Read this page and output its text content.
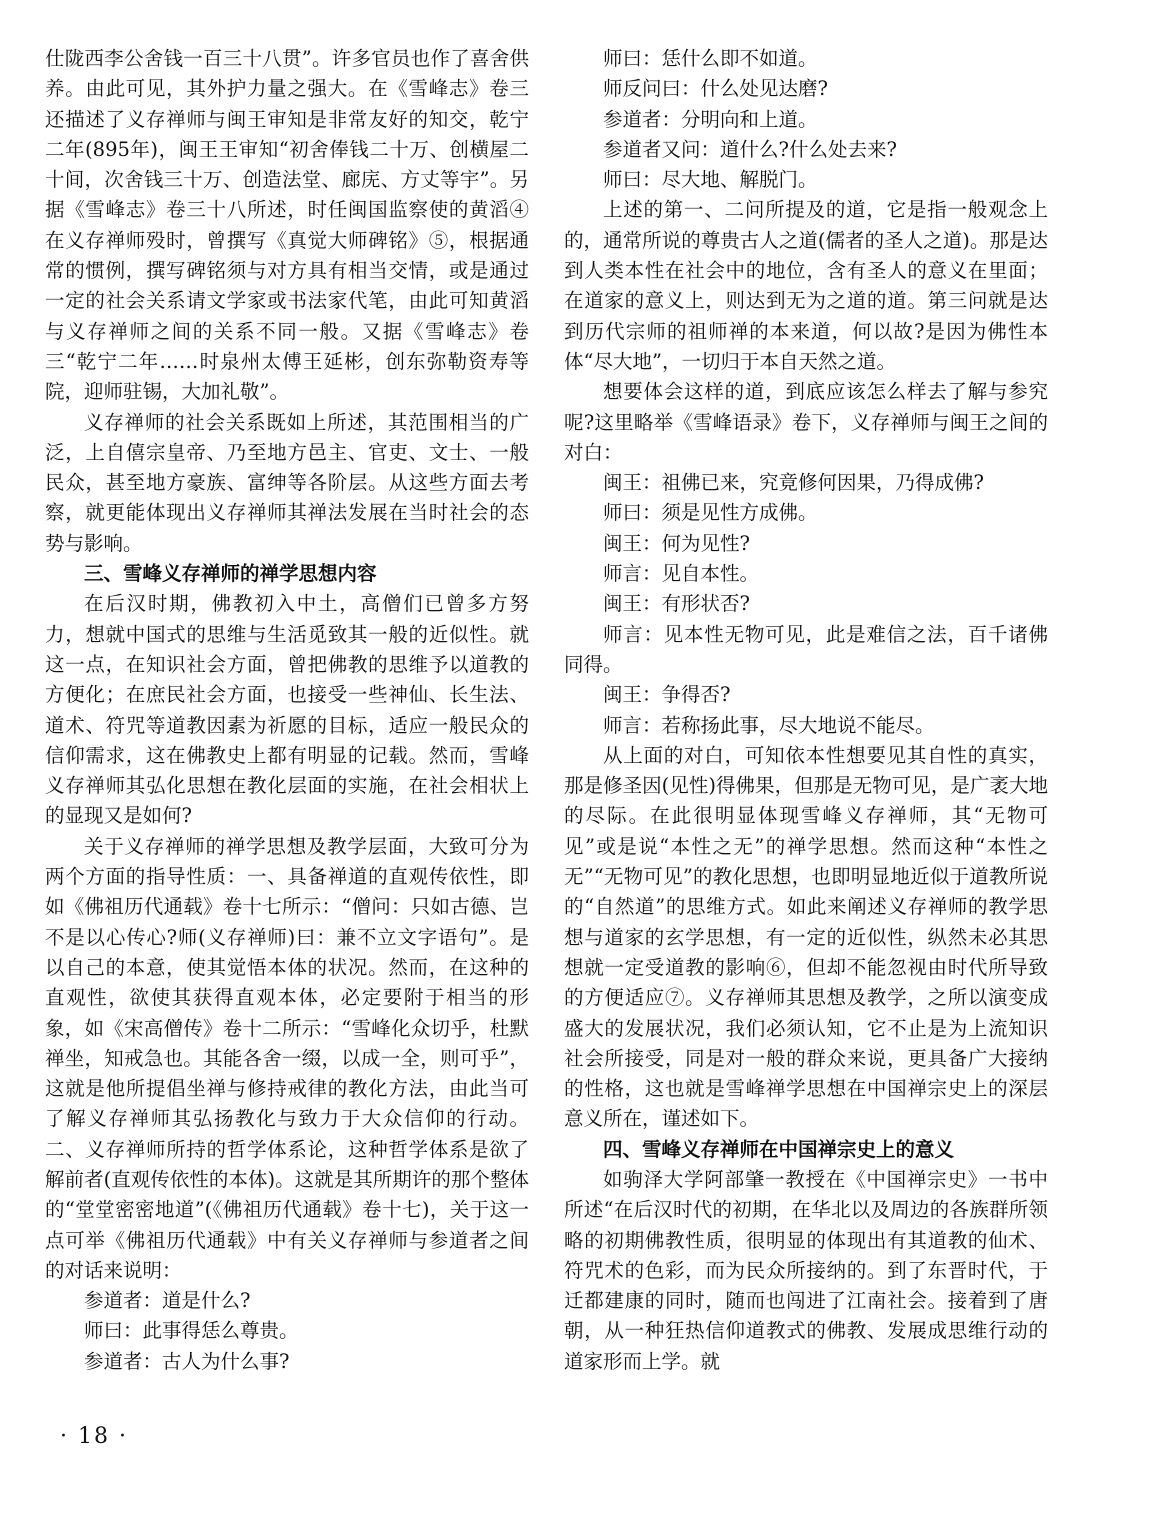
仕陇西李公舍钱一百三十八贯”。许多官员也作了喜舍供养。由此可见，其外护力量之强大。在《雪峰志》卷三还描述了义存禅师与闽王审知是非常友好的知交，乾宁二年(895年)，闽王王审知“初舍俸钱二十万、创横屋二十间，次舍钱三十万、创造法堂、廊庑、方丈等宇”。另据《雪峰志》卷三十八所述，时任闽国监察使的黄滔④在义存禅师殁时，曾撰写《真觉大师碑铭》⑤，根据通常的惯例，撰写碑铭须与对方具有相当交情，或是通过一定的社会关系请文学家或书法家代笔，由此可知黄滔与义存禅师之间的关系不同一般。又据《雪峰志》卷三“乾宁二年……时泉州太傅王延彬，创东弥勒资寿等院，迎师驻锡，大加礼敬”。

义存禅师的社会关系既如上所述，其范围相当的广泛，上自僖宗皇帝、乃至地方邑主、官吏、文士、一般民众，甚至地方豪族、富绅等各阶层。从这些方面去考察，就更能体现出义存禅师其禅法发展在当时社会的态势与影响。

三、雪峰义存禅师的禅学思想内容

在后汉时期，佛教初入中土，高僧们已曾多方努力，想就中国式的思维与生活觅致其一般的近似性。就这一点，在知识社会方面，曾把佛教的思维予以道教的方便化；在庶民社会方面，也接受一些神仙、长生法、道术、符咒等道教因素为祈愿的目标，适应一般民众的信仰需求，这在佛教史上都有明显的记载。然而，雪峰义存禅师其弘化思想在教化层面的实施，在社会相状上的显现又是如何?

关于义存禅师的禅学思想及教学层面，大致可分为两个方面的指导性质：一、具备禅道的直观传依性，即如《佛祖历代通载》卷十七所示：“僧问：只如古德、岂不是以心传心?师(义存禅师)曰：兼不立文字语句”。是以自己的本意，使其觉悟本体的状况。然而，在这种的直观性，欲使其获得直观本体，必定要附于相当的形象，如《宋高僧传》卷十二所示：“雪峰化众切乎，杜默禅坐，知戒急也。其能各舍一缀，以成一全，则可乎”，这就是他所提倡坐禅与修持戒律的教化方法，由此当可了解义存禅师其弘扬教化与致力于大众信仰的行动。二、义存禅师所持的哲学体系论，这种哲学体系是欲了解前者(直观传依性的本体)。这就是其所期许的那个整体的“堂堂密密地道”(《佛祖历代通载》卷十七)，关于这一点可举《佛祖历代通载》中有关义存禅师与参道者之间的对话来说明：

参道者：道是什么?

师曰：此事得恁么尊贵。

参道者：古人为什么事?

师曰：恁什么即不如道。

师反问曰：什么处见达磨?

参道者：分明向和上道。

参道者又问：道什么?什么处去来?

师曰：尽大地、解脱门。

上述的第一、二问所提及的道，它是指一般观念上的，通常所说的尊贵古人之道(儒者的圣人之道)。那是达到人类本性在社会中的地位，含有圣人的意义在里面；在道家的意义上，则达到无为之道的道。第三问就是达到历代宗师的祖师禅的本来道，何以故?是因为佛性本体“尽大地”，一切归于本自天然之道。

想要体会这样的道，到底应该怎么样去了解与参究呢?这里略举《雪峰语录》卷下，义存禅师与闽王之间的对白：

闽王：祖佛已来，究竟修何因果，乃得成佛?

师曰：须是见性方成佛。

闽王：何为见性?

师言：见自本性。

闽王：有形状否?

师言：见本性无物可见，此是难信之法，百千诸佛同得。

闽王：争得否?

师言：若称扬此事，尽大地说不能尽。

从上面的对白，可知依本性想要见其自性的真实，那是修圣因(见性)得佛果，但那是无物可见，是广袤大地的尽际。在此很明显体现雪峰义存禅师，其“无物可见”或是说“本性之无”的禅学思想。然而这种“本性之无”“无物可见”的教化思想，也即明显地近似于道教所说的“自然道”的思维方式。如此来阐述义存禅师的教学思想与道家的玄学思想，有一定的近似性，纵然未必其思想就一定受道教的影响⑥，但却不能忽视由时代所导致的方便适应⑦。义存禅师其思想及教学，之所以演变成盛大的发展状况，我们必须认知，它不止是为上流知识社会所接受，同是对一般的群众来说，更具备广大接纳的性格，这也就是雪峰禅学思想在中国禅宗史上的深层意义所在，谨述如下。

四、雪峰义存禅师在中国禅宗史上的意义

如驹泽大学阿部肇一教授在《中国禅宗史》一书中所述“在后汉时代的初期，在华北以及周边的各族群所领略的初期佛教性质，很明显的体现出有其道教的仙术、符咒术的色彩，而为民众所接纳的。到了东晋时代，于迁都建康的同时，随而也闯进了江南社会。接着到了唐朝，从一种狂热信仰道教式的佛教、发展成思维行动的道家形而上学。就

· 18 ·
